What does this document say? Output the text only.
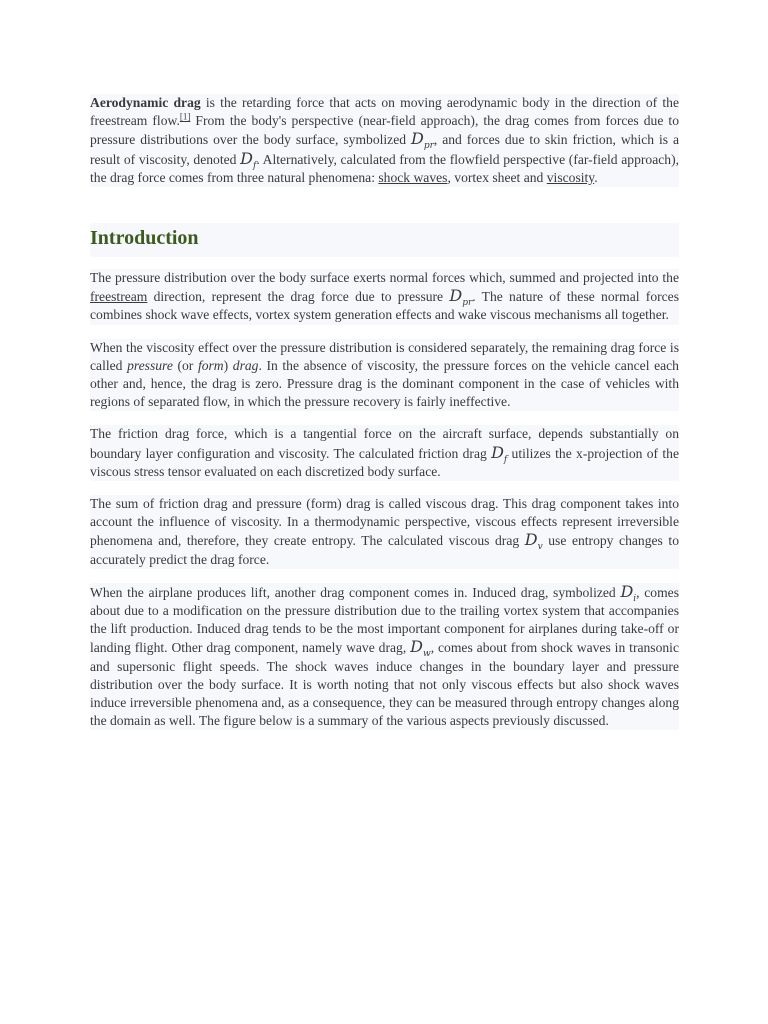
Aerodynamic drag is the retarding force that acts on moving aerodynamic body in the direction of the freestream flow.[1] From the body's perspective (near-field approach), the drag comes from forces due to pressure distributions over the body surface, symbolized $D_{pr}$, and forces due to skin friction, which is a result of viscosity, denoted $D_f$. Alternatively, calculated from the flowfield perspective (far-field approach), the drag force comes from three natural phenomena: shock waves, vortex sheet and viscosity.

Introduction

The pressure distribution over the body surface exerts normal forces which, summed and projected into the freestream direction, represent the drag force due to pressure $D_{pr}$. The nature of these normal forces combines shock wave effects, vortex system generation effects and wake viscous mechanisms all together.

When the viscosity effect over the pressure distribution is considered separately, the remaining drag force is called pressure (or form) drag. In the absence of viscosity, the pressure forces on the vehicle cancel each other and, hence, the drag is zero. Pressure drag is the dominant component in the case of vehicles with regions of separated flow, in which the pressure recovery is fairly ineffective.

The friction drag force, which is a tangential force on the aircraft surface, depends substantially on boundary layer configuration and viscosity. The calculated friction drag $D_f$ utilizes the x-projection of the viscous stress tensor evaluated on each discretized body surface.

The sum of friction drag and pressure (form) drag is called viscous drag. This drag component takes into account the influence of viscosity. In a thermodynamic perspective, viscous effects represent irreversible phenomena and, therefore, they create entropy. The calculated viscous drag $D_v$ use entropy changes to accurately predict the drag force.

When the airplane produces lift, another drag component comes in. Induced drag, symbolized $D_i$, comes about due to a modification on the pressure distribution due to the trailing vortex system that accompanies the lift production. Induced drag tends to be the most important component for airplanes during take-off or landing flight. Other drag component, namely wave drag, $D_w$, comes about from shock waves in transonic and supersonic flight speeds. The shock waves induce changes in the boundary layer and pressure distribution over the body surface. It is worth noting that not only viscous effects but also shock waves induce irreversible phenomena and, as a consequence, they can be measured through entropy changes along the domain as well. The figure below is a summary of the various aspects previously discussed.
